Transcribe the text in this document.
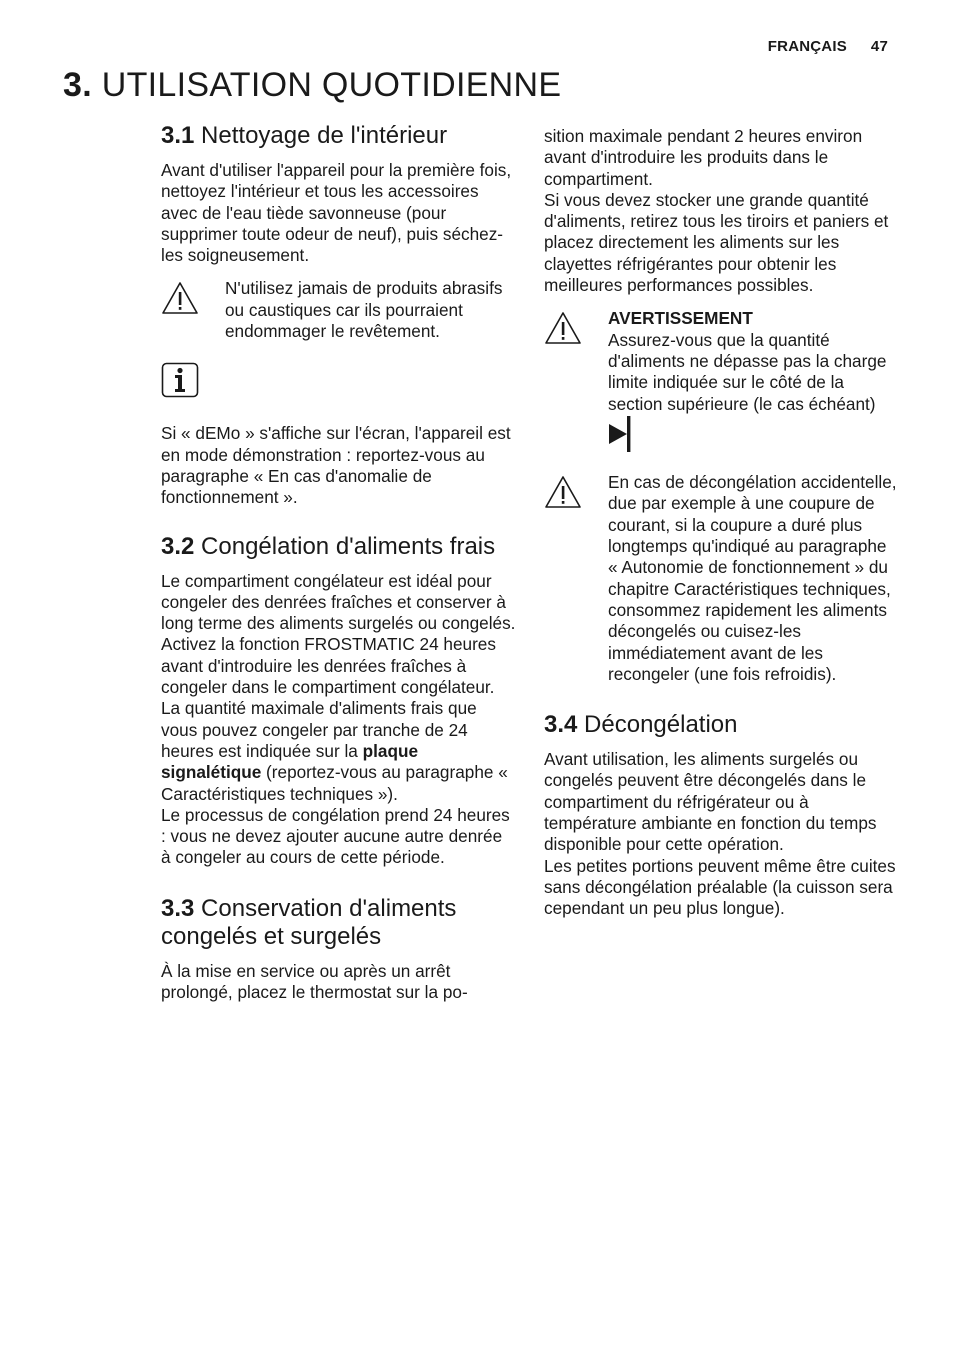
FRANÇAIS 47
3. UTILISATION QUOTIDIENNE
3.1 Nettoyage de l'intérieur

Avant d'utiliser l'appareil pour la première fois, nettoyez l'intérieur et tous les accessoires avec de l'eau tiède savonneuse (pour supprimer toute odeur de neuf), puis séchez-les soigneusement.

N'utilisez jamais de produits abrasifs ou caustiques car ils pourraient endommager le revêtement.

Si « dEMo » s'affiche sur l'écran, l'appareil est en mode démonstration : reportez-vous au paragraphe « En cas d'anomalie de fonctionnement ».

3.2 Congélation d'aliments frais

Le compartiment congélateur est idéal pour congeler des denrées fraîches et conserver à long terme des aliments surgelés ou congelés.

Activez la fonction FROSTMATIC 24 heures avant d'introduire les denrées fraîches à congeler dans le compartiment congélateur.

La quantité maximale d'aliments frais que vous pouvez congeler par tranche de 24 heures est indiquée sur la plaque signalétique (reportez-vous au paragraphe « Caractéristiques techniques »).

Le processus de congélation prend 24 heures : vous ne devez ajouter aucune autre denrée à congeler au cours de cette période.

3.3 Conservation d'aliments congelés et surgelés

À la mise en service ou après un arrêt prolongé, placez le thermostat sur la po-

sition maximale pendant 2 heures environ avant d'introduire les produits dans le compartiment.

Si vous devez stocker une grande quantité d'aliments, retirez tous les tiroirs et paniers et placez directement les aliments sur les clayettes réfrigérantes pour obtenir les meilleures performances possibles.

AVERTISSEMENT
Assurez-vous que la quantité d'aliments ne dépasse pas la charge limite indiquée sur le côté de la section supérieure (le cas échéant)
En cas de décongélation accidentelle, due par exemple à une coupure de courant, si la coupure a duré plus longtemps qu'indiqué au paragraphe « Autonomie de fonctionnement » du chapitre Caractéristiques techniques, consommez rapidement les aliments décongelés ou cuisez-les immédiatement avant de les recongeler (une fois refroidis).
3.4 Décongélation

Avant utilisation, les aliments surgelés ou congelés peuvent être décongelés dans le compartiment du réfrigérateur ou à température ambiante en fonction du temps disponible pour cette opération.

Les petites portions peuvent même être cuites sans décongélation préalable (la cuisson sera cependant un peu plus longue).
